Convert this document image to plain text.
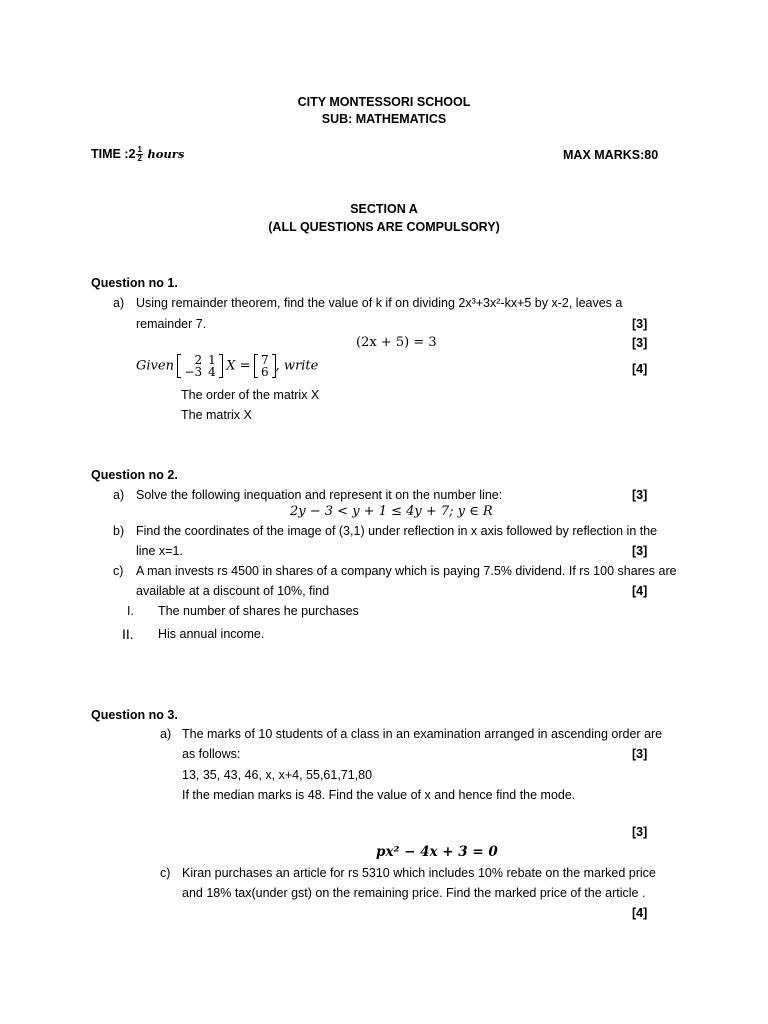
CITY MONTESSORI SCHOOL
SUB: MATHEMATICS
TIME :2 $\frac{1}{2}$ hours	MAX MARKS:80
SECTION A
(ALL QUESTIONS ARE COMPULSORY)
Question no 1.
a) Using remainder theorem, find the value of k if on dividing 2x³+3x²-kx+5 by x-2, leaves a
remainder 7.	[3]
(2x + 5) = 3	[3]
Given 2	1
−3	4 X = 7
6 , write	[4]
The order of the matrix X
The matrix X
Question no 2.
a) Solve the following inequation and represent it on the number line:	[3]
2y − 3 < y + 1 ≤ 4y + 7; y ∈ R
b) Find the coordinates of the image of (3,1) under reflection in x axis followed by reflection in the
line x=1.	[3]
c) A man invests rs 4500 in shares of a company which is paying 7.5% dividend. If rs 100 shares are
available at a discount of 10%, find	[4]
I. The number of shares he purchases
II. His annual income.
Question no 3.
a) The marks of 10 students of a class in an examination arranged in ascending order are
as follows:	[3]
13, 35, 43, 46, x, x+4, 55,61,71,80
If the median marks is 48. Find the value of x and hence find the mode.
[3]
px² − 4x + 3 = 0
c) Kiran purchases an article for rs 5310 which includes 10% rebate on the marked price
and 18% tax(under gst) on the remaining price. Find the marked price of the article .
[4]
